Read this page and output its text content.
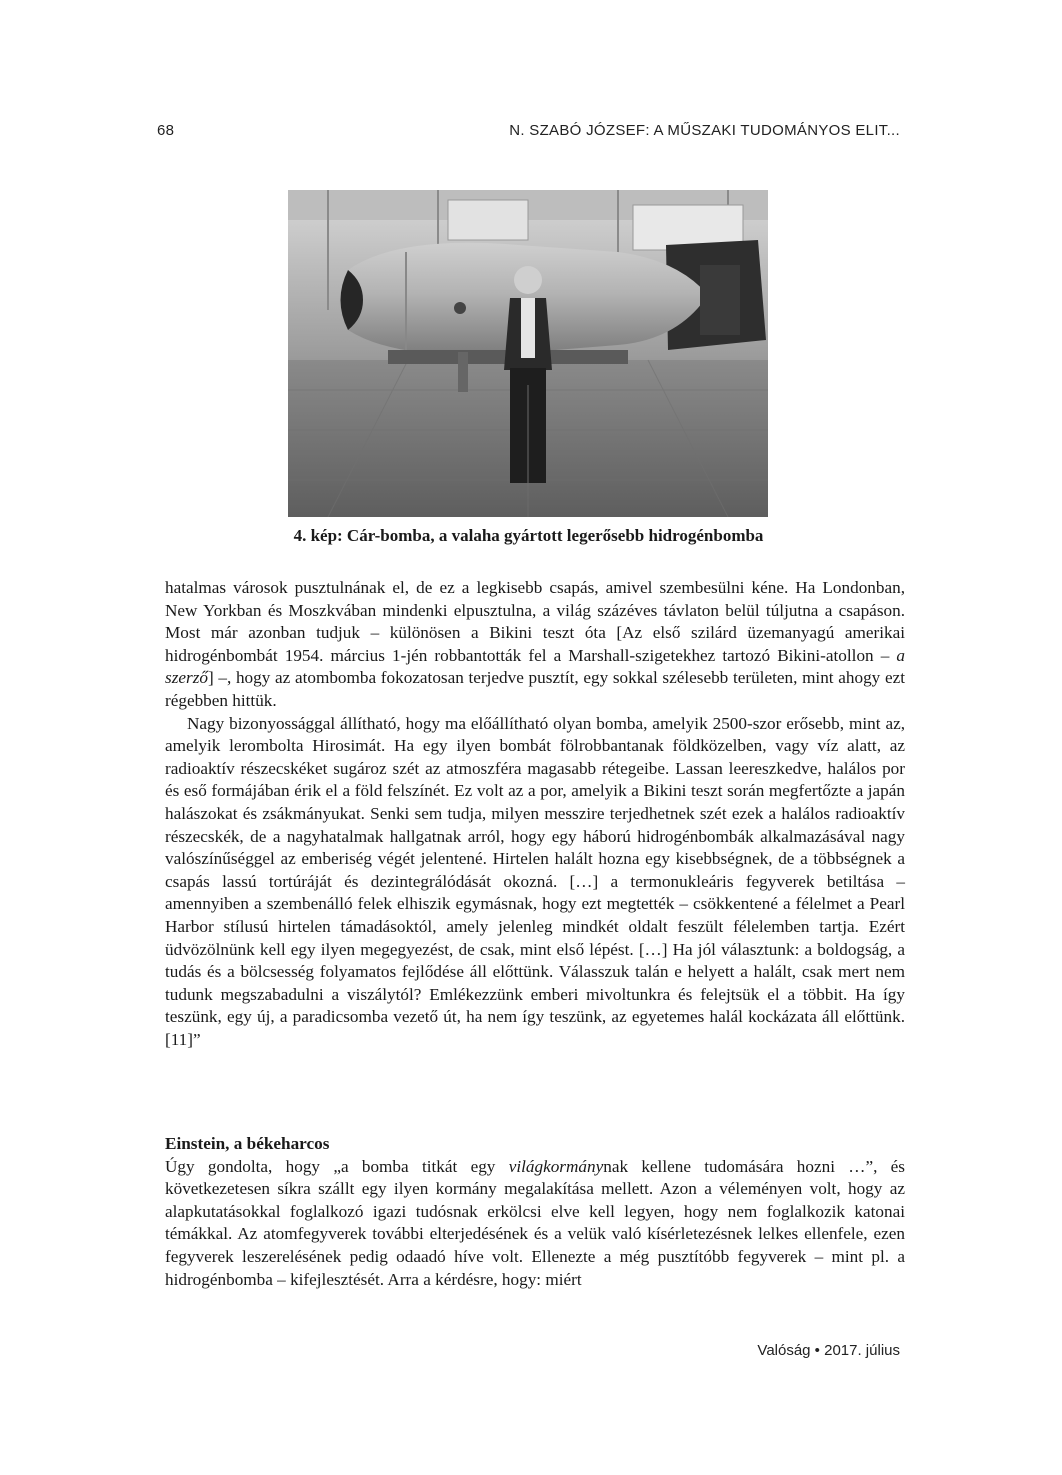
68	N. SZABÓ JÓZSEF: A MŰSZAKI TUDOMÁNYOS ELIT...
4. kép: Cár-bomba, a valaha gyártott legerősebb hidrogénbomba

hatalmas városok pusztulnának el, de ez a legkisebb csapás, amivel szembesülni kéne. Ha Londonban, New Yorkban és Moszkvában mindenki elpusztulna, a világ százéves távlaton belül túljutna a csapáson. Most már azonban tudjuk – különösen a Bikini teszt óta [Az első szilárd üzemanyagú amerikai hidrogénbombát 1954. március 1-jén robbantották fel a Marshall-szigetekhez tartozó Bikini-atollon – a szerző] –, hogy az atombomba fokozatosan terjedve pusztít, egy sokkal szélesebb területen, mint ahogy ezt régebben hittük.

Nagy bizonyossággal állítható, hogy ma előállítható olyan bomba, amelyik 2500-szor erősebb, mint az, amelyik lerombolta Hirosimát. Ha egy ilyen bombát fölrobbantanak földközelben, vagy víz alatt, az radioaktív részecskéket sugároz szét az atmoszféra magasabb rétegeibe. Lassan leereszkedve, halálos por és eső formájában érik el a föld felszínét. Ez volt az a por, amelyik a Bikini teszt során megfertőzte a japán halászokat és zsákmányukat. Senki sem tudja, milyen messzire terjedhetnek szét ezek a halálos radioaktív részecskék, de a nagyhatalmak hallgatnak arról, hogy egy háború hidrogénbombák alkalmazásával nagy valószínűséggel az emberiség végét jelentené. Hirtelen halált hozna egy kisebbségnek, de a többségnek a csapás lassú tortúráját és dezintegrálódását okozná. […] a termonukleáris fegyverek betiltása – amennyiben a szembenálló felek elhiszik egymásnak, hogy ezt megtették – csökkentené a félelmet a Pearl Harbor stílusú hirtelen támadásoktól, amely jelenleg mindkét oldalt feszült félelemben tartja. Ezért üdvözölnünk kell egy ilyen megegyezést, de csak, mint első lépést. […] Ha jól választunk: a boldogság, a tudás és a bölcsesség folyamatos fejlődése áll előttünk. Válasszuk talán e helyett a halált, csak mert nem tudunk megszabadulni a viszálytól? Emlékezzünk emberi mivoltunkra és felejtsük el a többit. Ha így teszünk, egy új, a paradicsomba vezető út, ha nem így teszünk, az egyetemes halál kockázata áll előttünk. [11]”

Einstein, a békeharcos

Úgy gondolta, hogy „a bomba titkát egy világkormánynak kellene tudomására hozni …”, és következetesen síkra szállt egy ilyen kormány megalakítása mellett. Azon a véleményen volt, hogy az alapkutatásokkal foglalkozó igazi tudósnak erkölcsi elve kell legyen, hogy nem foglalkozik katonai témákkal. Az atomfegyverek további elterjedésének és a velük való kísérletezésnek lelkes ellenfele, ezen fegyverek leszerelésének pedig odaadó híve volt. Ellenezte a még pusztítóbb fegyverek – mint pl. a hidrogénbomba – kifejlesztését. Arra a kérdésre, hogy: miért

Valóság • 2017. július
